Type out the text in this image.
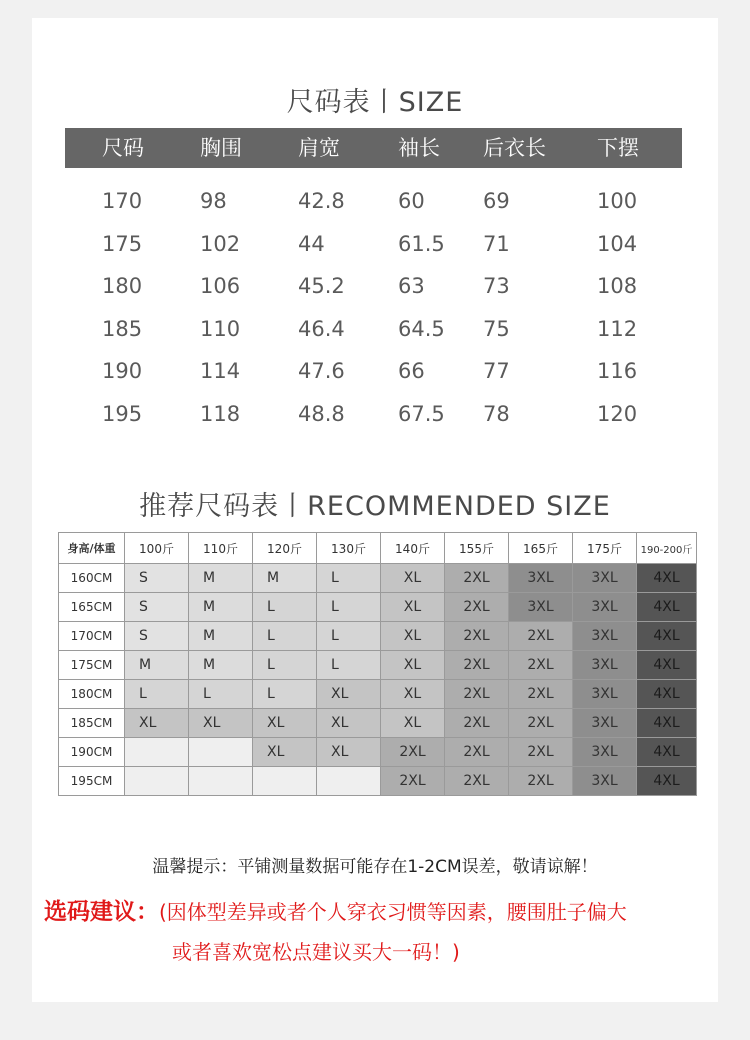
尺码表丨SIZE
尺码	胸围	肩宽	袖长 后衣长 下摆
170	98	42.8	60	69	100
175	102	44	61.5 71	104
180	106	45.2	63	73	108
185	110	46.4	64.5 75	112
190	114	47.6	66	77	116
195	118	48.8	67.5 78	120
推荐尺码表丨RECOMMENDED SIZE
身高/体重	100斤	110斤	120斤	130斤	140斤	155斤	165斤	175斤	190-200斤
160CM	S	M	M	L	XL	2XL	3XL	3XL	4XL
165CM	S	M	L	L	XL	2XL	3XL	3XL	4XL
170CM	S	M	L	L	XL	2XL	2XL	3XL	4XL
175CM	M	M	L	L	XL	2XL	2XL	3XL	4XL
180CM	L	L	L	XL	XL	2XL	2XL	3XL	4XL
185CM	XL	XL	XL	XL	XL	2XL	2XL	3XL	4XL
190CM			XL	XL	2XL	2XL	2XL	3XL	4XL
195CM					2XL	2XL	2XL	3XL	4XL
温馨提示：平铺测量数据可能存在1-2CM误差，敬请谅解！
选码建议：(因体型差异或者个人穿衣习惯等因素，腰围肚子偏大
或者喜欢宽松点建议买大一码！)
